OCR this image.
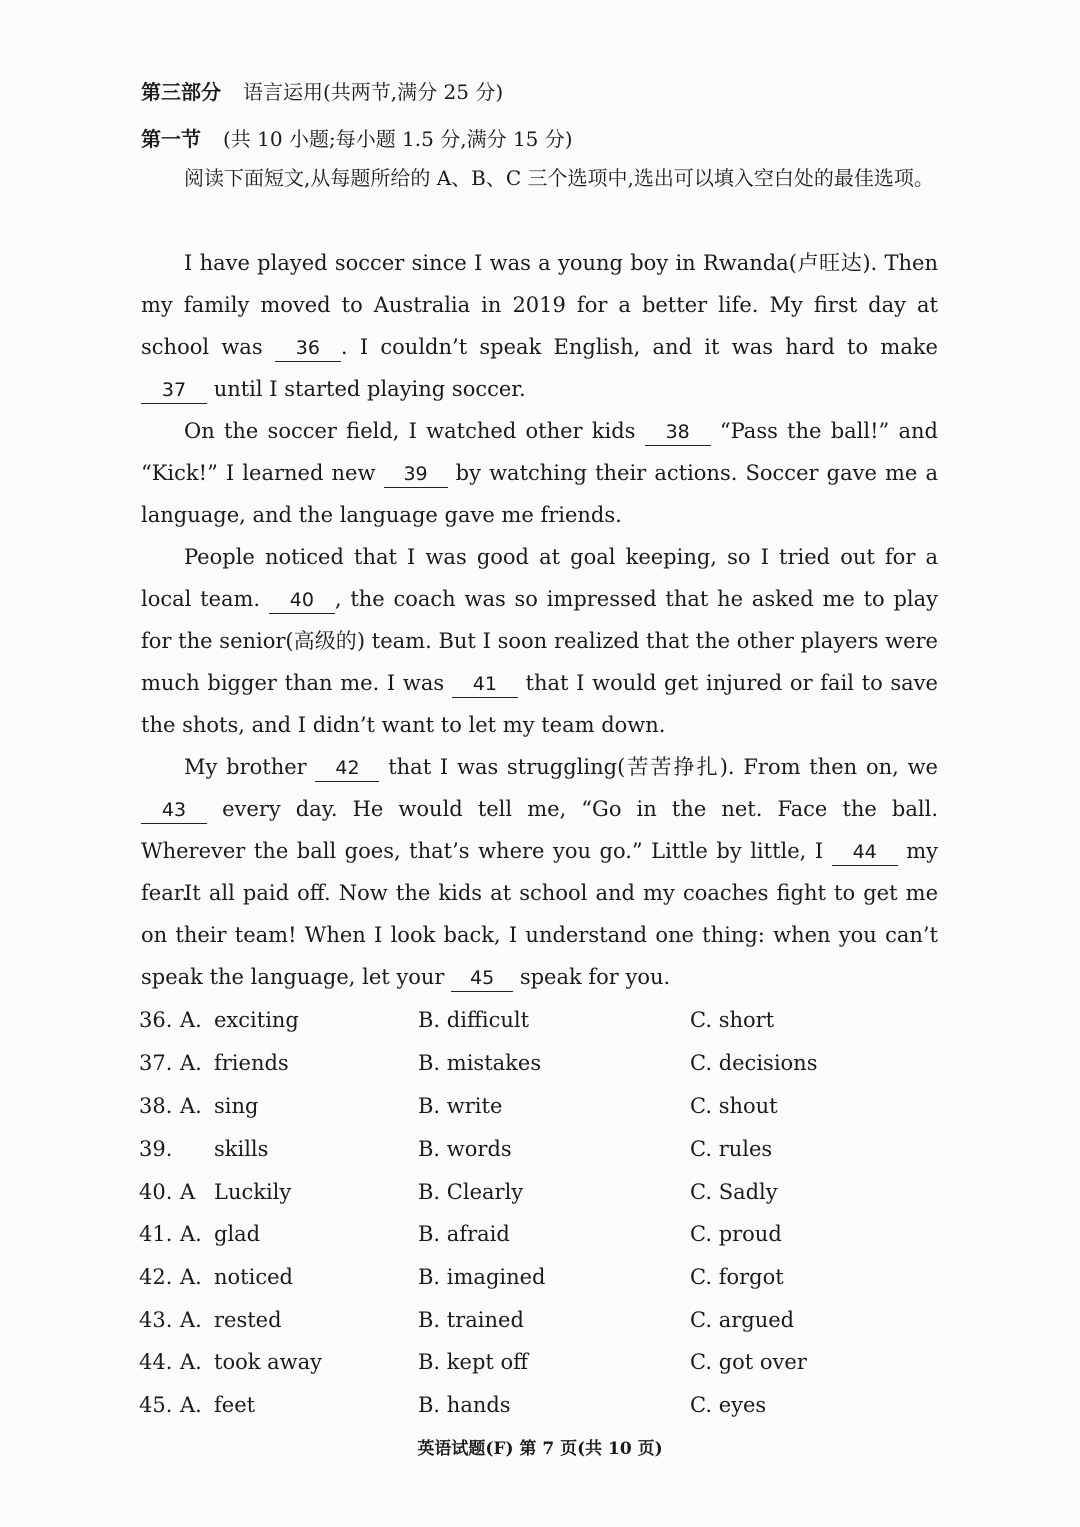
第三部分 语言运用(共两节,满分 25 分)
第一节 (共 10 小题;每小题 1.5 分,满分 15 分)
阅读下面短文,从每题所给的 A、B、C 三个选项中,选出可以填入空白处的最佳选项。
I have played soccer since I was a young boy in Rwanda(卢旺达). Then my family moved to Australia in 2019 for a better life. My first day at school was 36 . I couldn’t speak English, and it was hard to make 37 until I started playing soccer.
On the soccer field, I watched other kids 38 “Pass the ball!” and “Kick!” I learned new 39 by watching their actions. Soccer gave me a language, and the language gave me friends.
People noticed that I was good at goal keeping, so I tried out for a local team. 40 , the coach was so impressed that he asked me to play for the senior(高级的) team. But I soon realized that the other players were much bigger than me. I was 41 that I would get injured or fail to save the shots, and I didn’t want to let my team down.
My brother 42 that I was struggling(苦苦挣扎). From then on, we 43 every day. He would tell me, “Go in the net. Face the ball. Wherever the ball goes, that’s where you go.” Little by little, I 44 my fear.
It all paid off. Now the kids at school and my coaches fight to get me on their team! When I look back, I understand one thing: when you can’t speak the language, let your 45 speak for you.
36. A. exciting	B. difficult	C. short
37. A. friends	B. mistakes	C. decisions
38. A. sing	B. write	C. shout
39. skills	B. words	C. rules
40. A Luckily	B. Clearly	C. Sadly
41. A. glad	B. afraid	C. proud
42. A. noticed	B. imagined	C. forgot
43. A. rested	B. trained	C. argued
44. A. took away	B. kept off	C. got over
45. A. feet	B. hands	C. eyes
英语试题(F) 第 7 页(共 10 页)
